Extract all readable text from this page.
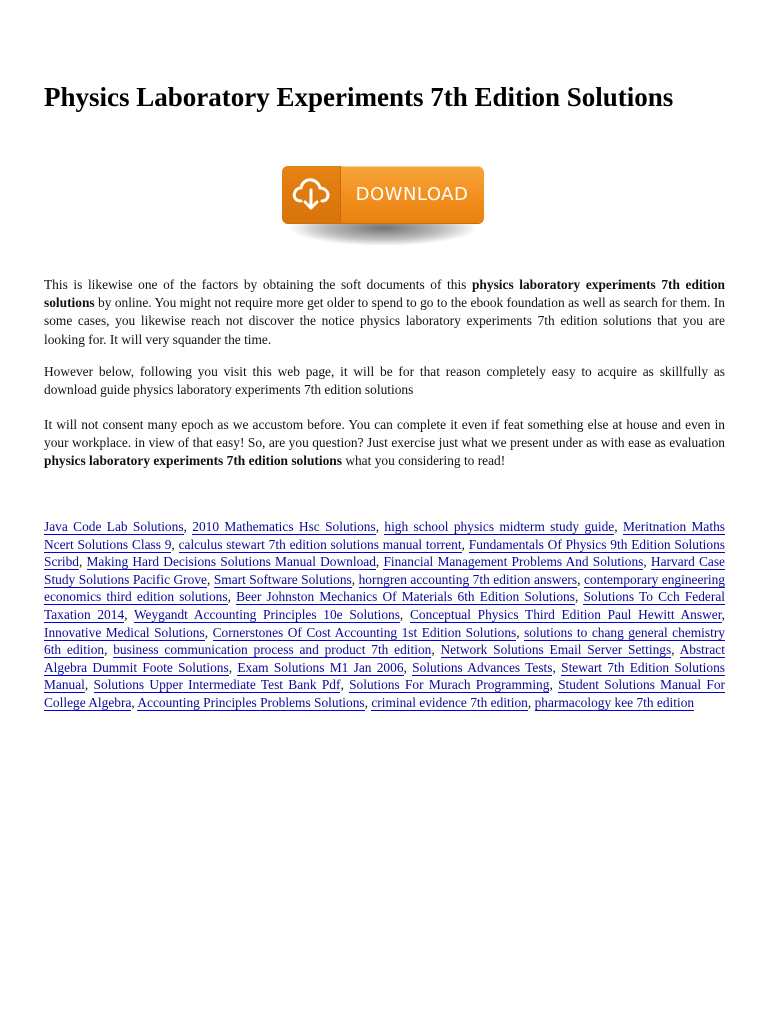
Physics Laboratory Experiments 7th Edition Solutions
DOWNLOAD

This is likewise one of the factors by obtaining the soft documents of this physics laboratory experiments 7th edition solutions by online. You might not require more get older to spend to go to the ebook foundation as well as search for them. In some cases, you likewise reach not discover the notice physics laboratory experiments 7th edition solutions that you are looking for. It will very squander the time.

However below, following you visit this web page, it will be for that reason completely easy to acquire as skillfully as download guide physics laboratory experiments 7th edition solutions

It will not consent many epoch as we accustom before. You can complete it even if feat something else at house and even in your workplace. in view of that easy! So, are you question? Just exercise just what we present under as with ease as evaluation physics laboratory experiments 7th edition solutions what you considering to read!

Java Code Lab Solutions, 2010 Mathematics Hsc Solutions, high school physics midterm study guide, Meritnation Maths Ncert Solutions Class 9, calculus stewart 7th edition solutions manual torrent, Fundamentals Of Physics 9th Edition Solutions Scribd, Making Hard Decisions Solutions Manual Download, Financial Management Problems And Solutions, Harvard Case Study Solutions Pacific Grove, Smart Software Solutions, horngren accounting 7th edition answers, contemporary engineering economics third edition solutions, Beer Johnston Mechanics Of Materials 6th Edition Solutions, Solutions To Cch Federal Taxation 2014, Weygandt Accounting Principles 10e Solutions, Conceptual Physics Third Edition Paul Hewitt Answer, Innovative Medical Solutions, Cornerstones Of Cost Accounting 1st Edition Solutions, solutions to chang general chemistry 6th edition, business communication process and product 7th edition, Network Solutions Email Server Settings, Abstract Algebra Dummit Foote Solutions, Exam Solutions M1 Jan 2006, Solutions Advances Tests, Stewart 7th Edition Solutions Manual, Solutions Upper Intermediate Test Bank Pdf, Solutions For Murach Programming, Student Solutions Manual For College Algebra, Accounting Principles Problems Solutions, criminal evidence 7th edition, pharmacology kee 7th edition
